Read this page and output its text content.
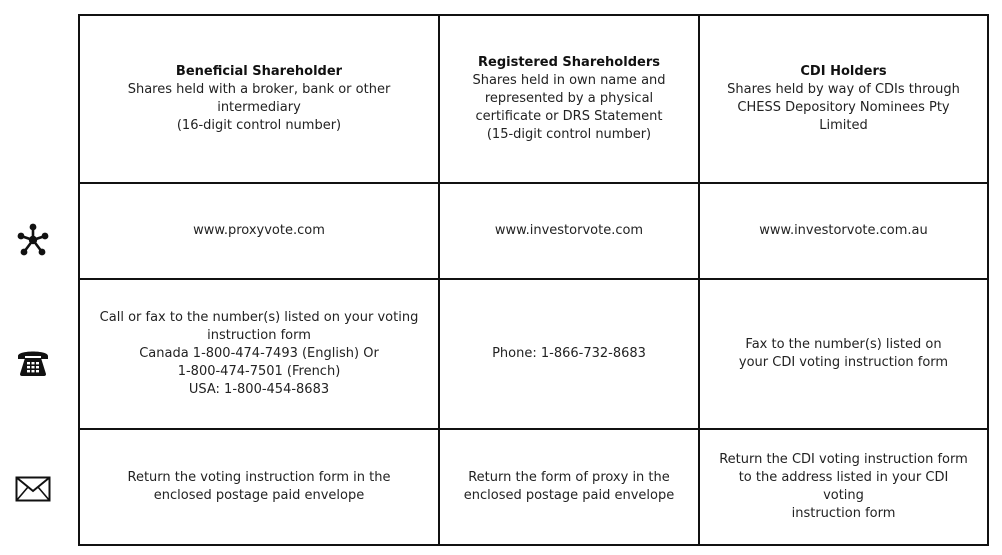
Beneficial Shareholder
Shares held with a broker, bank or other
intermediary
(16-digit control number)	Registered Shareholders
Shares held in own name and
represented by a physical
certificate or DRS Statement
(15-digit control number)	CDI Holders
Shares held by way of CDIs through
CHESS Depository Nominees Pty
Limited

www.proxyvote.com	www.investorvote.com	www.investorvote.com.au

Call or fax to the number(s) listed on your voting
instruction form
Canada 1-800-474-7493 (English) Or
1-800-474-7501 (French)
USA: 1-800-454-8683	Phone: 1-866-732-8683	Fax to the number(s) listed on
your CDI voting instruction form

Return the voting instruction form in the
enclosed postage paid envelope	Return the form of proxy in the
enclosed postage paid envelope	Return the CDI voting instruction form
to the address listed in your CDI voting
instruction form
